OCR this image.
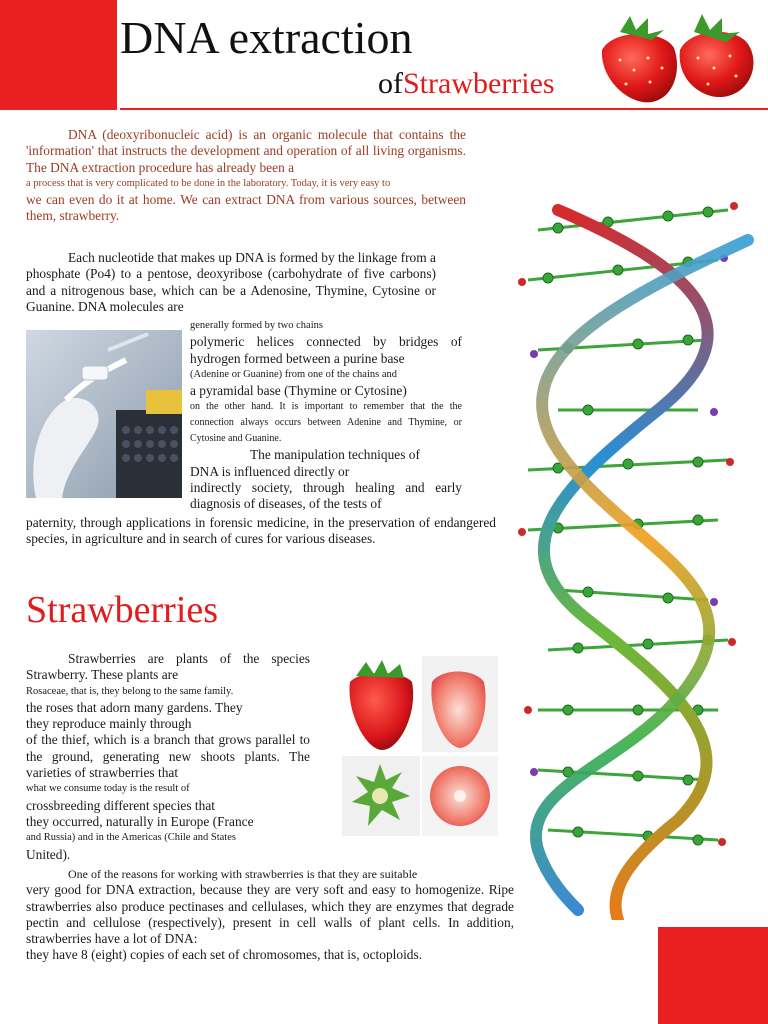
DNA extraction
ofStrawberries

DNA (deoxyribonucleic acid) is an organic molecule that contains the 'information' that instructs the development and operation of all living organisms. The DNA extraction procedure has already been a

a process that is very complicated to be done in the laboratory. Today, it is very easy to

we can even do it at home. We can extract DNA from various sources, between them, strawberry.

Each nucleotide that makes up DNA is formed by the linkage from a phosphate (Po4) to a pentose, deoxyribose (carbohydrate of five carbons) and a nitrogenous base, which can be a Adenosine, Thymine, Cytosine or Guanine. DNA molecules are

generally formed by two chains

polymeric helices connected by bridges of hydrogen formed between a purine base

(Adenine or Guanine) from one of the chains and

a pyramidal base (Thymine or Cytosine)

on the other hand. It is important to remember that the the connection always occurs between Adenine and Thymine, or Cytosine and Guanine.

The manipulation techniques of

DNA is influenced directly or

indirectly society, through healing and early diagnosis of diseases, of the tests of

paternity, through applications in forensic medicine, in the preservation of endangered species, in agriculture and in search of cures for various diseases.

Strawberries

Strawberries are plants of the species Strawberry. These plants are

Rosaceae, that is, they belong to the same family.

the roses that adorn many gardens. They

they reproduce mainly through

of the thief, which is a branch that grows parallel to the ground, generating new shoots plants. The varieties of strawberries that

what we consume today is the result of

crossbreeding different species that

they occurred, naturally in Europe (France

and Russia) and in the Americas (Chile and States

United).

One of the reasons for working with strawberries is that they are suitable

very good for DNA extraction, because they are very soft and easy to homogenize. Ripe strawberries also produce pectinases and cellulases, which they are enzymes that degrade pectin and cellulose (respectively), present in cell walls of plant cells. In addition, strawberries have a lot of DNA:

they have 8 (eight) copies of each set of chromosomes, that is, octoploids.
